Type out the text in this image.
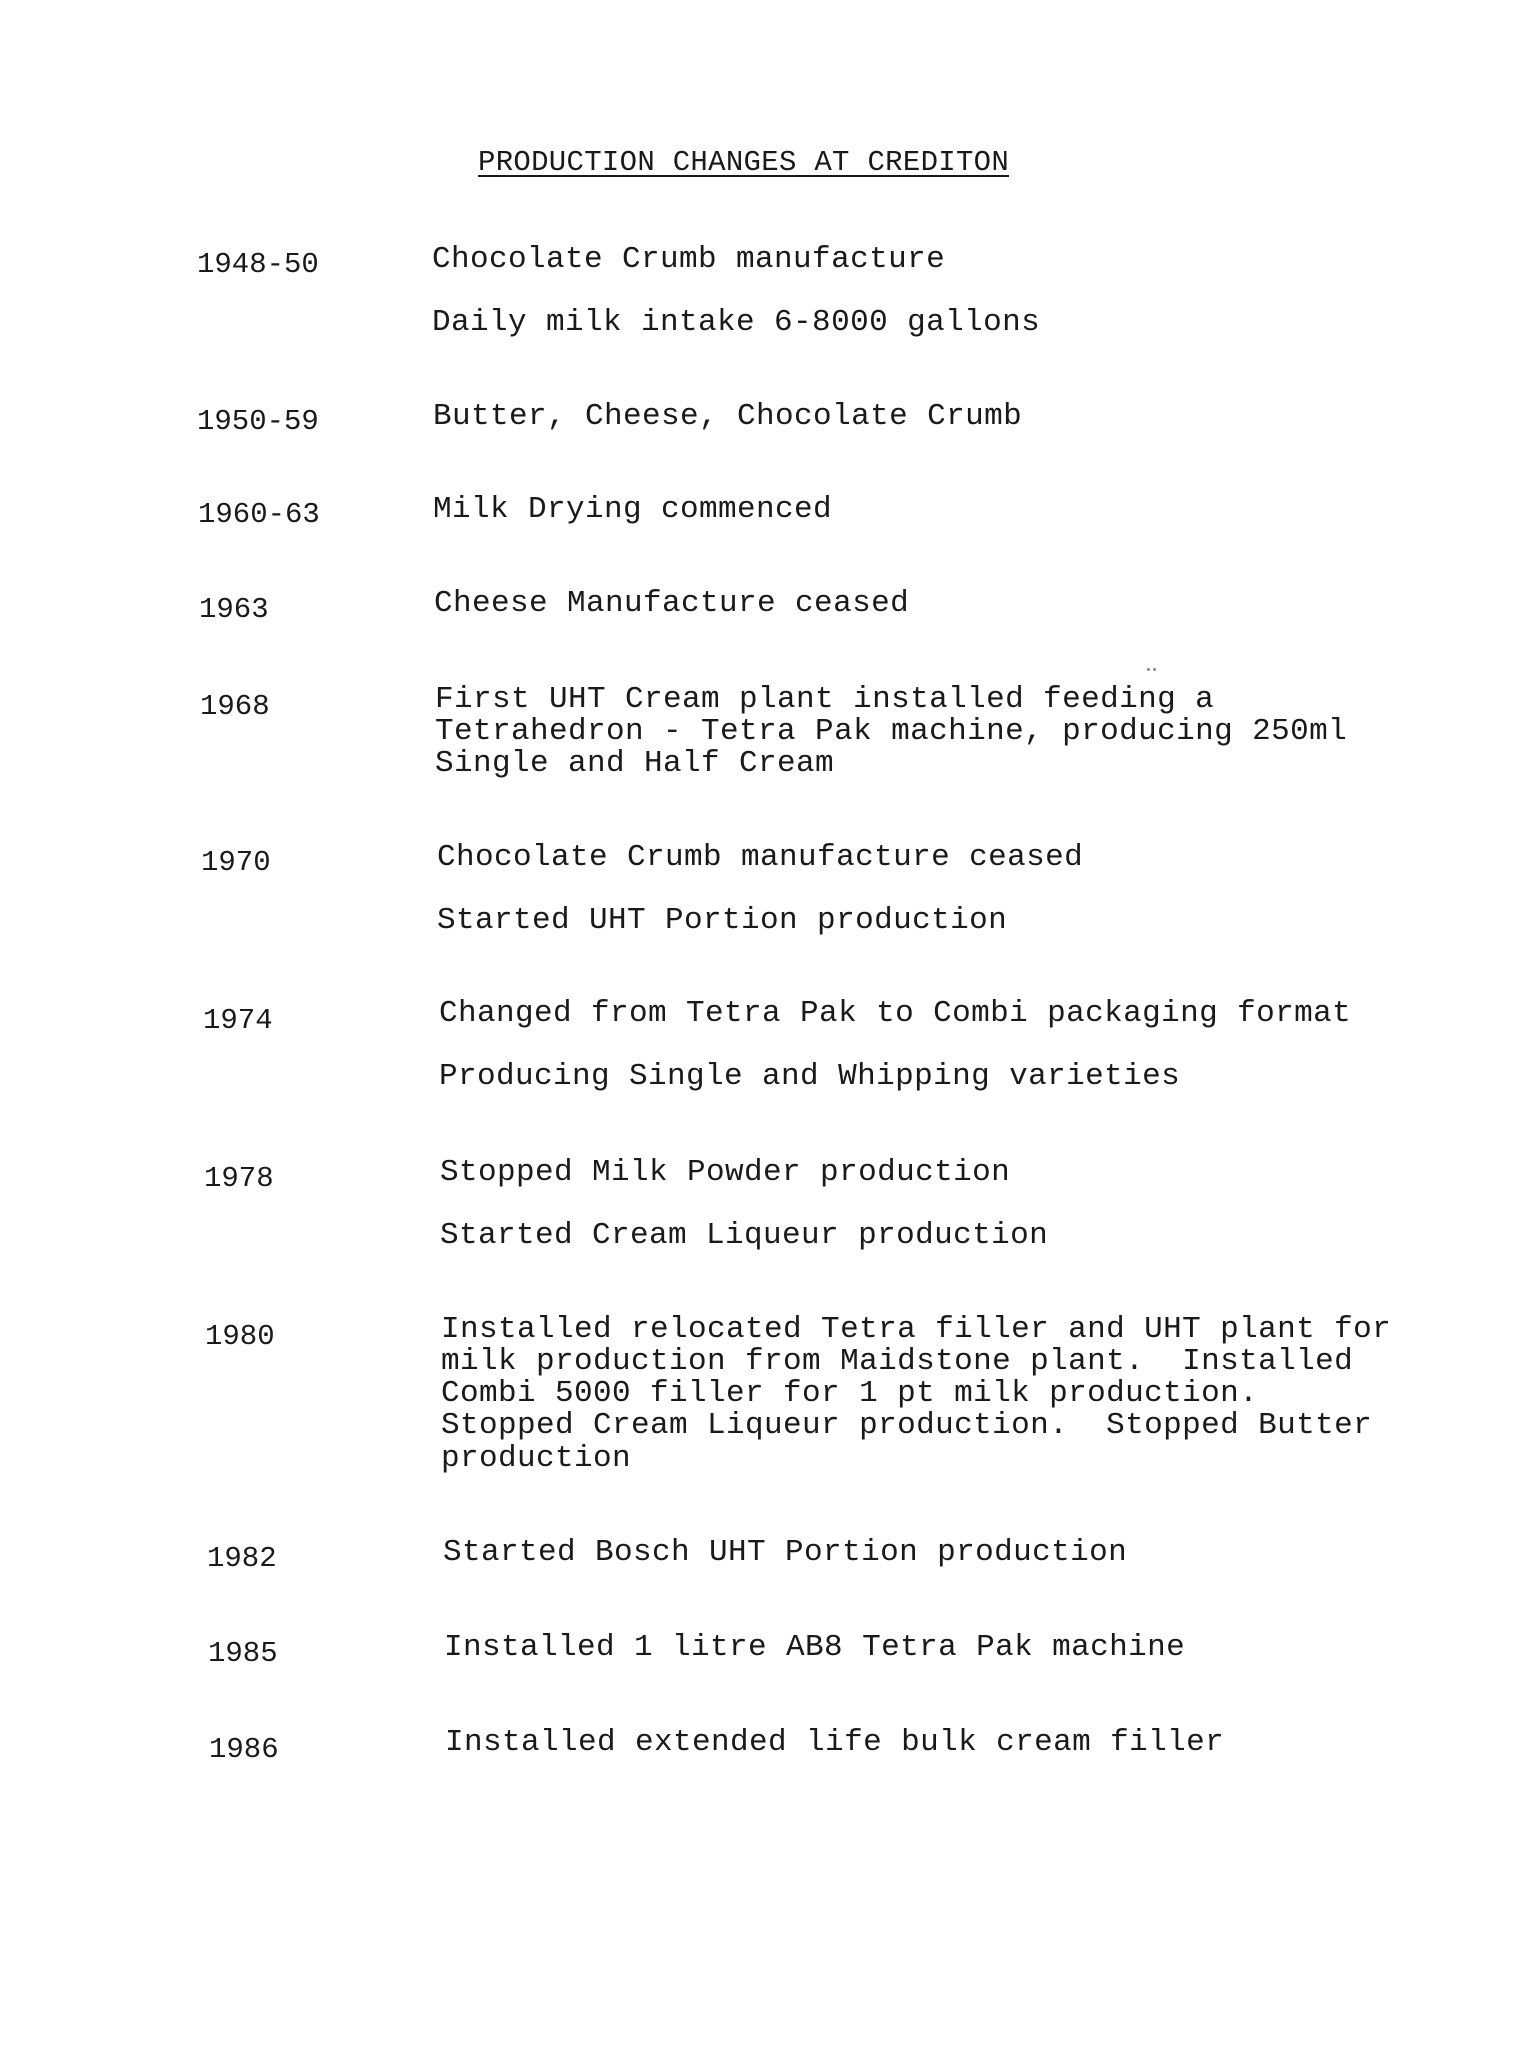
PRODUCTION CHANGES AT CREDITON
1948-50	Chocolate Crumb manufacture
Daily milk intake 6-8000 gallons
1950-59	Butter, Cheese, Chocolate Crumb
1960-63	Milk Drying commenced
1963	Cheese Manufacture ceased
1968	First UHT Cream plant installed feeding a
Tetrahedron - Tetra Pak machine, producing 250ml
Single and Half Cream
1970	Chocolate Crumb manufacture ceased
Started UHT Portion production
1974	Changed from Tetra Pak to Combi packaging format
Producing Single and Whipping varieties
1978	Stopped Milk Powder production
Started Cream Liqueur production
1980	Installed relocated Tetra filler and UHT plant for
milk production from Maidstone plant.  Installed
Combi 5000 filler for 1 pt milk production.
Stopped Cream Liqueur production.  Stopped Butter
production
1982	Started Bosch UHT Portion production
1985	Installed 1 litre AB8 Tetra Pak machine
1986	Installed extended life bulk cream filler
